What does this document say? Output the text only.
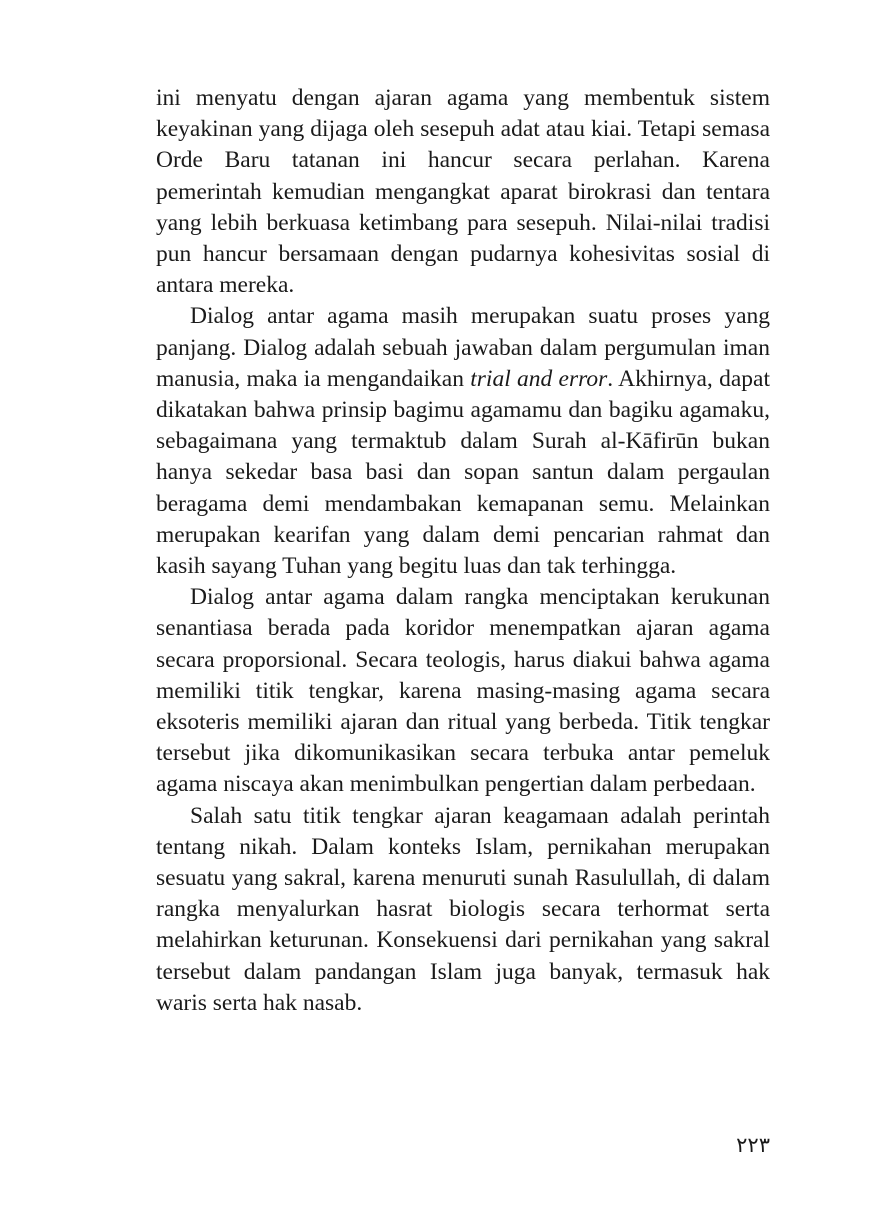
ini menyatu dengan ajaran agama yang membentuk sistem keyakinan yang dijaga oleh sesepuh adat atau kiai. Tetapi semasa Orde Baru tatanan ini hancur secara perlahan. Karena pemerintah kemudian mengangkat aparat birokrasi dan tentara yang lebih berkuasa ketimbang para sesepuh. Nilai-nilai tradisi pun hancur bersamaan dengan pudarnya kohesivitas sosial di antara mereka.

Dialog antar agama masih merupakan suatu proses yang panjang. Dialog adalah sebuah jawaban dalam pergumulan iman manusia, maka ia mengandaikan trial and error. Akhirnya, dapat dikatakan bahwa prinsip bagimu agamamu dan bagiku agamaku, sebagaimana yang termaktub dalam Surah al-Kāfirūn bukan hanya sekedar basa basi dan sopan santun dalam pergaulan beragama demi mendambakan kemapanan semu. Melainkan merupakan kearifan yang dalam demi pencarian rahmat dan kasih sayang Tuhan yang begitu luas dan tak terhingga.

Dialog antar agama dalam rangka menciptakan kerukunan senantiasa berada pada koridor menempatkan ajaran agama secara proporsional. Secara teologis, harus diakui bahwa agama memiliki titik tengkar, karena masing-masing agama secara eksoteris memiliki ajaran dan ritual yang berbeda. Titik tengkar tersebut jika dikomunikasikan secara terbuka antar pemeluk agama niscaya akan menimbulkan pengertian dalam perbedaan.

Salah satu titik tengkar ajaran keagamaan adalah perintah tentang nikah. Dalam konteks Islam, pernikahan merupakan sesuatu yang sakral, karena menuruti sunah Rasulullah, di dalam rangka menyalurkan hasrat biologis secara terhormat serta melahirkan keturunan. Konsekuensi dari pernikahan yang sakral tersebut dalam pandangan Islam juga banyak, termasuk hak waris serta hak nasab.

٢٢٣
